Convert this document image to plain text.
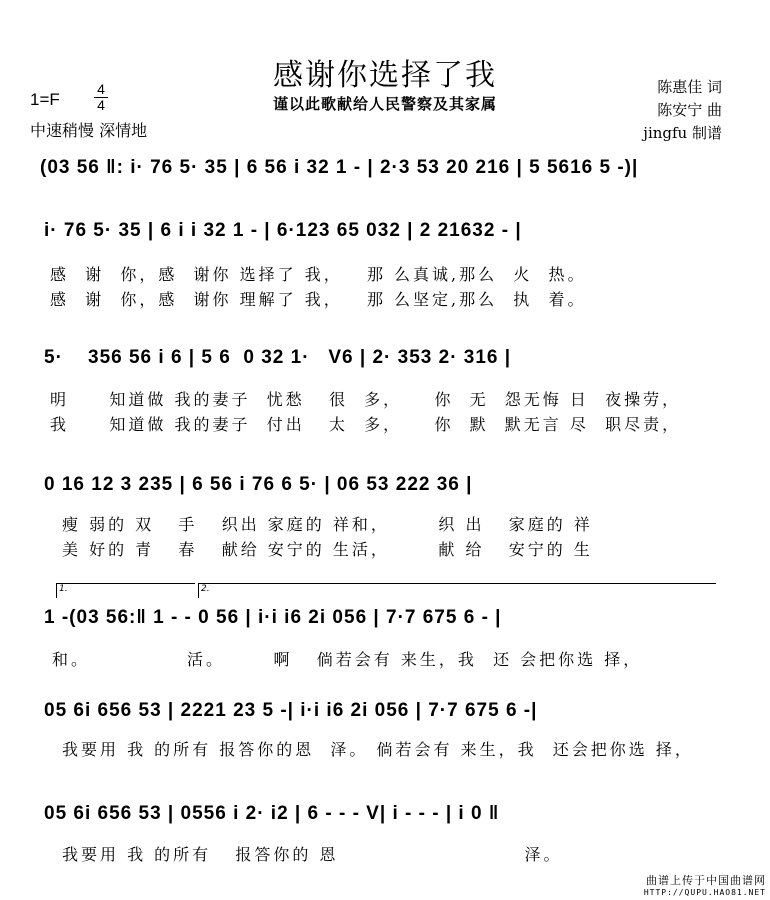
感谢你选择了我
谨以此歌献给人民警察及其家属
1=F
4
4
中速稍慢 深情地
陈惠佳 词
陈安宁 曲
jingfu 制谱
(03 56 ‖: i· 76 5· 35 | 6 56 i 32 1 - | 2·3 53 20 216 | 5 5616 5 -)|
i· 76 5· 35 | 6 i i 32 1 - | 6·123 65 032 | 2 21632 - |
感  谢  你，感  谢你 选择了 我，   那 么真诚,那么  火  热。
感  谢  你，感  谢你 理解了 我，   那 么坚定,那么  执  着。
5·    356 56 i 6 | 5 6  0 32 1·   V6 | 2· 353 2· 316 |
明     知道做 我的妻子  忧愁   很  多，    你  无  怨无悔 日  夜操劳，
我     知道做 我的妻子  付出   太  多，    你  默  默无言 尽  职尽责，
0 16 12 3 235 | 6 56 i 76 6 5· | 06 53 222 36 |
瘦 弱的 双   手   织出 家庭的 祥和，      织 出   家庭的 祥
美 好的 青   春   献给 安宁的 生活，      献 给   安宁的 生
1.	2.
1 -(03 56:‖ 1 - - 0 56 | i·i i6 2i 056 | 7·7 675 6 - |
和。            活。      啊   倘若会有 来生，我  还 会把你选 择，
05 6i 656 53 | 2221 23 5 -| i·i i6 2i 056 | 7·7 675 6 -|
我要用 我 的所有 报答你的恩  泽。 倘若会有 来生，我  还会把你选 择，
05 6i 656 53 | 0556 i 2· i2 | 6 - - - V| i - - - | i 0 ‖
我要用 我 的所有   报答你的 恩                       泽。
曲谱上传于中国曲谱网
HTTP://QUPU.HAO81.NET
